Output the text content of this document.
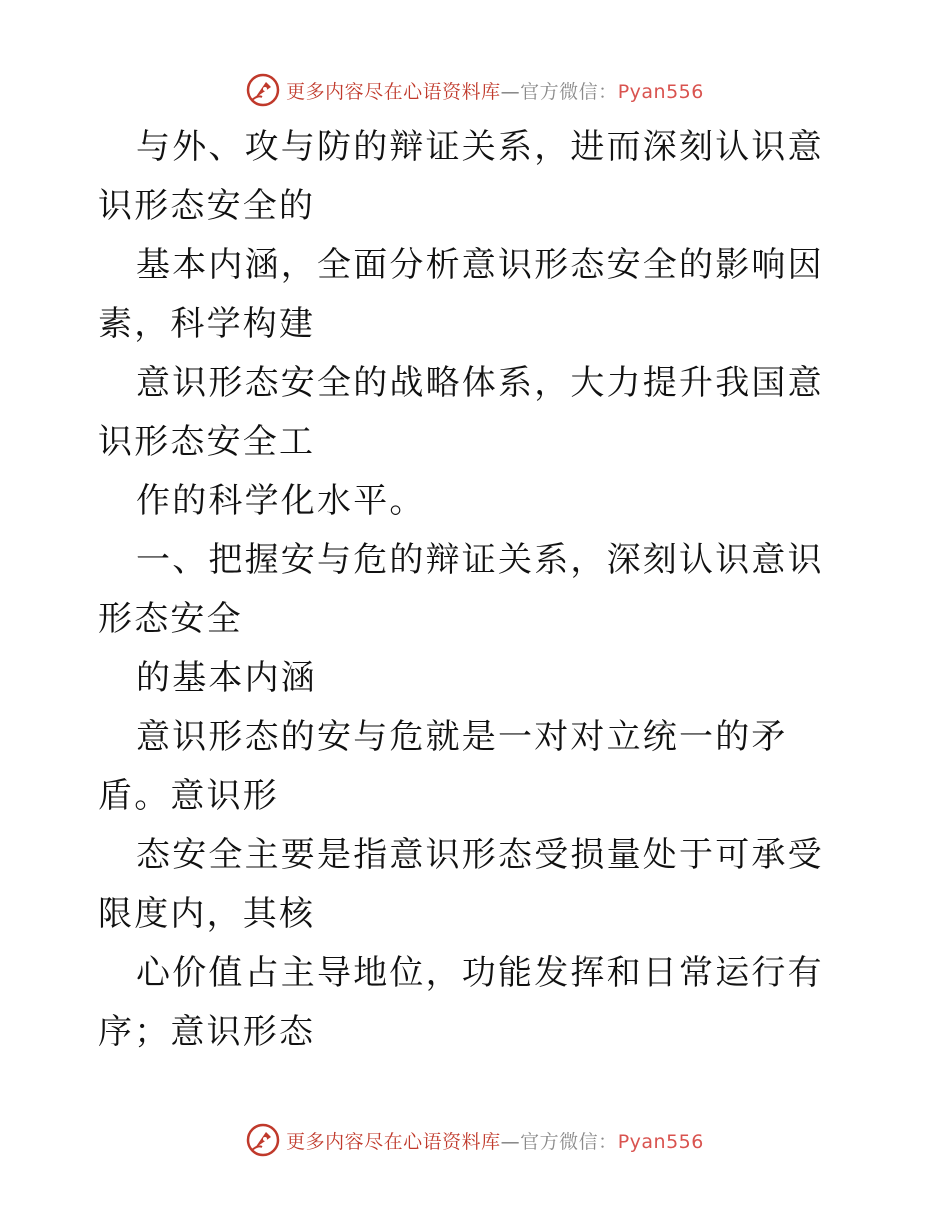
更多内容尽在心语资料库—官方微信：Pyan556

与外、攻与防的辩证关系，进而深刻认识意识形态安全的

基本内涵，全面分析意识形态安全的影响因素，科学构建

意识形态安全的战略体系，大力提升我国意识形态安全工

作的科学化水平。

一、把握安与危的辩证关系，深刻认识意识形态安全

的基本内涵

意识形态的安与危就是一对对立统一的矛盾。意识形

态安全主要是指意识形态受损量处于可承受限度内，其核

心价值占主导地位，功能发挥和日常运行有序；意识形态

更多内容尽在心语资料库—官方微信：Pyan556
